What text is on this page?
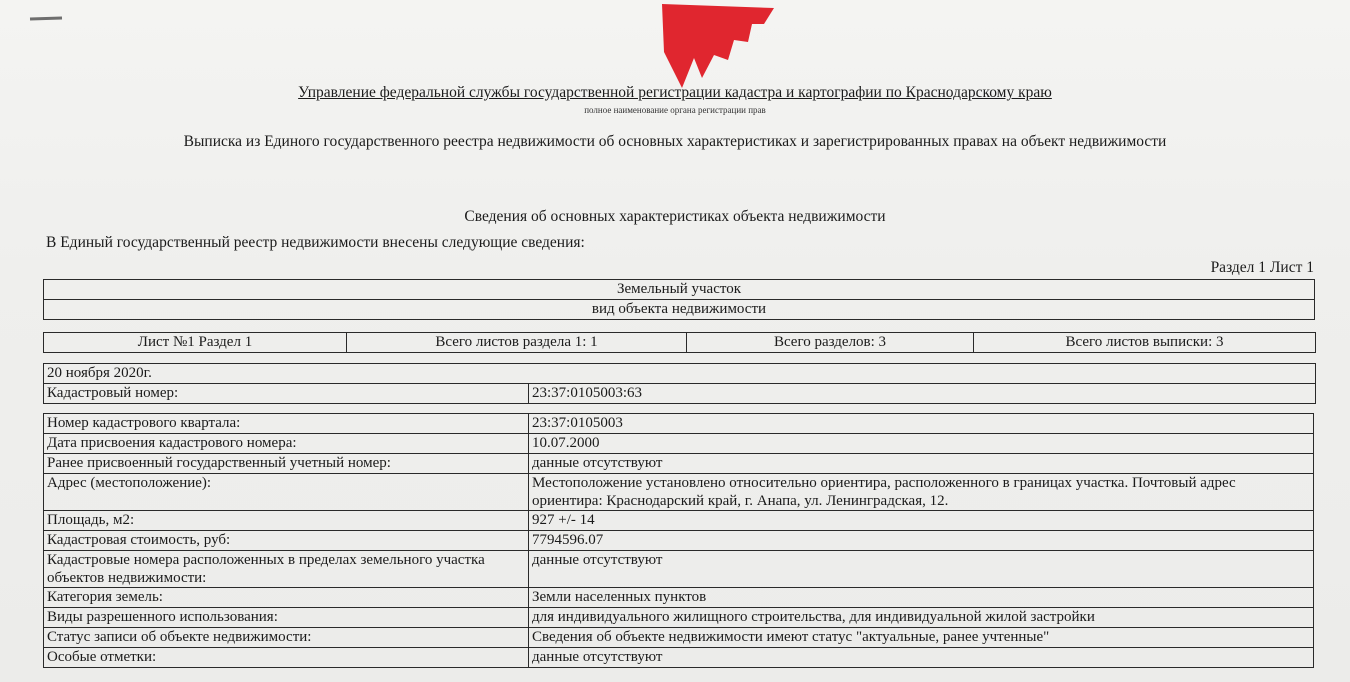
Управление федеральной службы государственной регистрации кадастра и картографии по Краснодарскому краю
полное наименование органа регистрации прав
Выписка из Единого государственного реестра недвижимости об основных характеристиках и зарегистрированных правах на объект недвижимости
Сведения об основных характеристиках объекта недвижимости
В Единый государственный реестр недвижимости внесены следующие сведения:
Раздел 1 Лист 1
Земельный участок
вид объекта недвижимости
Лист №1 Раздел 1	Всего листов раздела 1: 1	Всего разделов: 3	Всего листов выписки: 3
20 ноября 2020г.
Кадастровый номер:	23:37:0105003:63
Номер кадастрового квартала:	23:37:0105003
Дата присвоения кадастрового номера:	10.07.2000
Ранее присвоенный государственный учетный номер:	данные отсутствуют
Адрес (местоположение):	Местоположение установлено относительно ориентира, расположенного в границах участка. Почтовый адрес ориентира: Краснодарский край, г. Анапа, ул. Ленинградская, 12.
Площадь, м2:	927 +/- 14
Кадастровая стоимость, руб:	7794596.07
Кадастровые номера расположенных в пределах земельного участка объектов недвижимости:	данные отсутствуют
Категория земель:	Земли населенных пунктов
Виды разрешенного использования:	для индивидуального жилищного строительства, для индивидуальной жилой застройки
Статус записи об объекте недвижимости:	Сведения об объекте недвижимости имеют статус "актуальные, ранее учтенные"
Особые отметки:	данные отсутствуют
